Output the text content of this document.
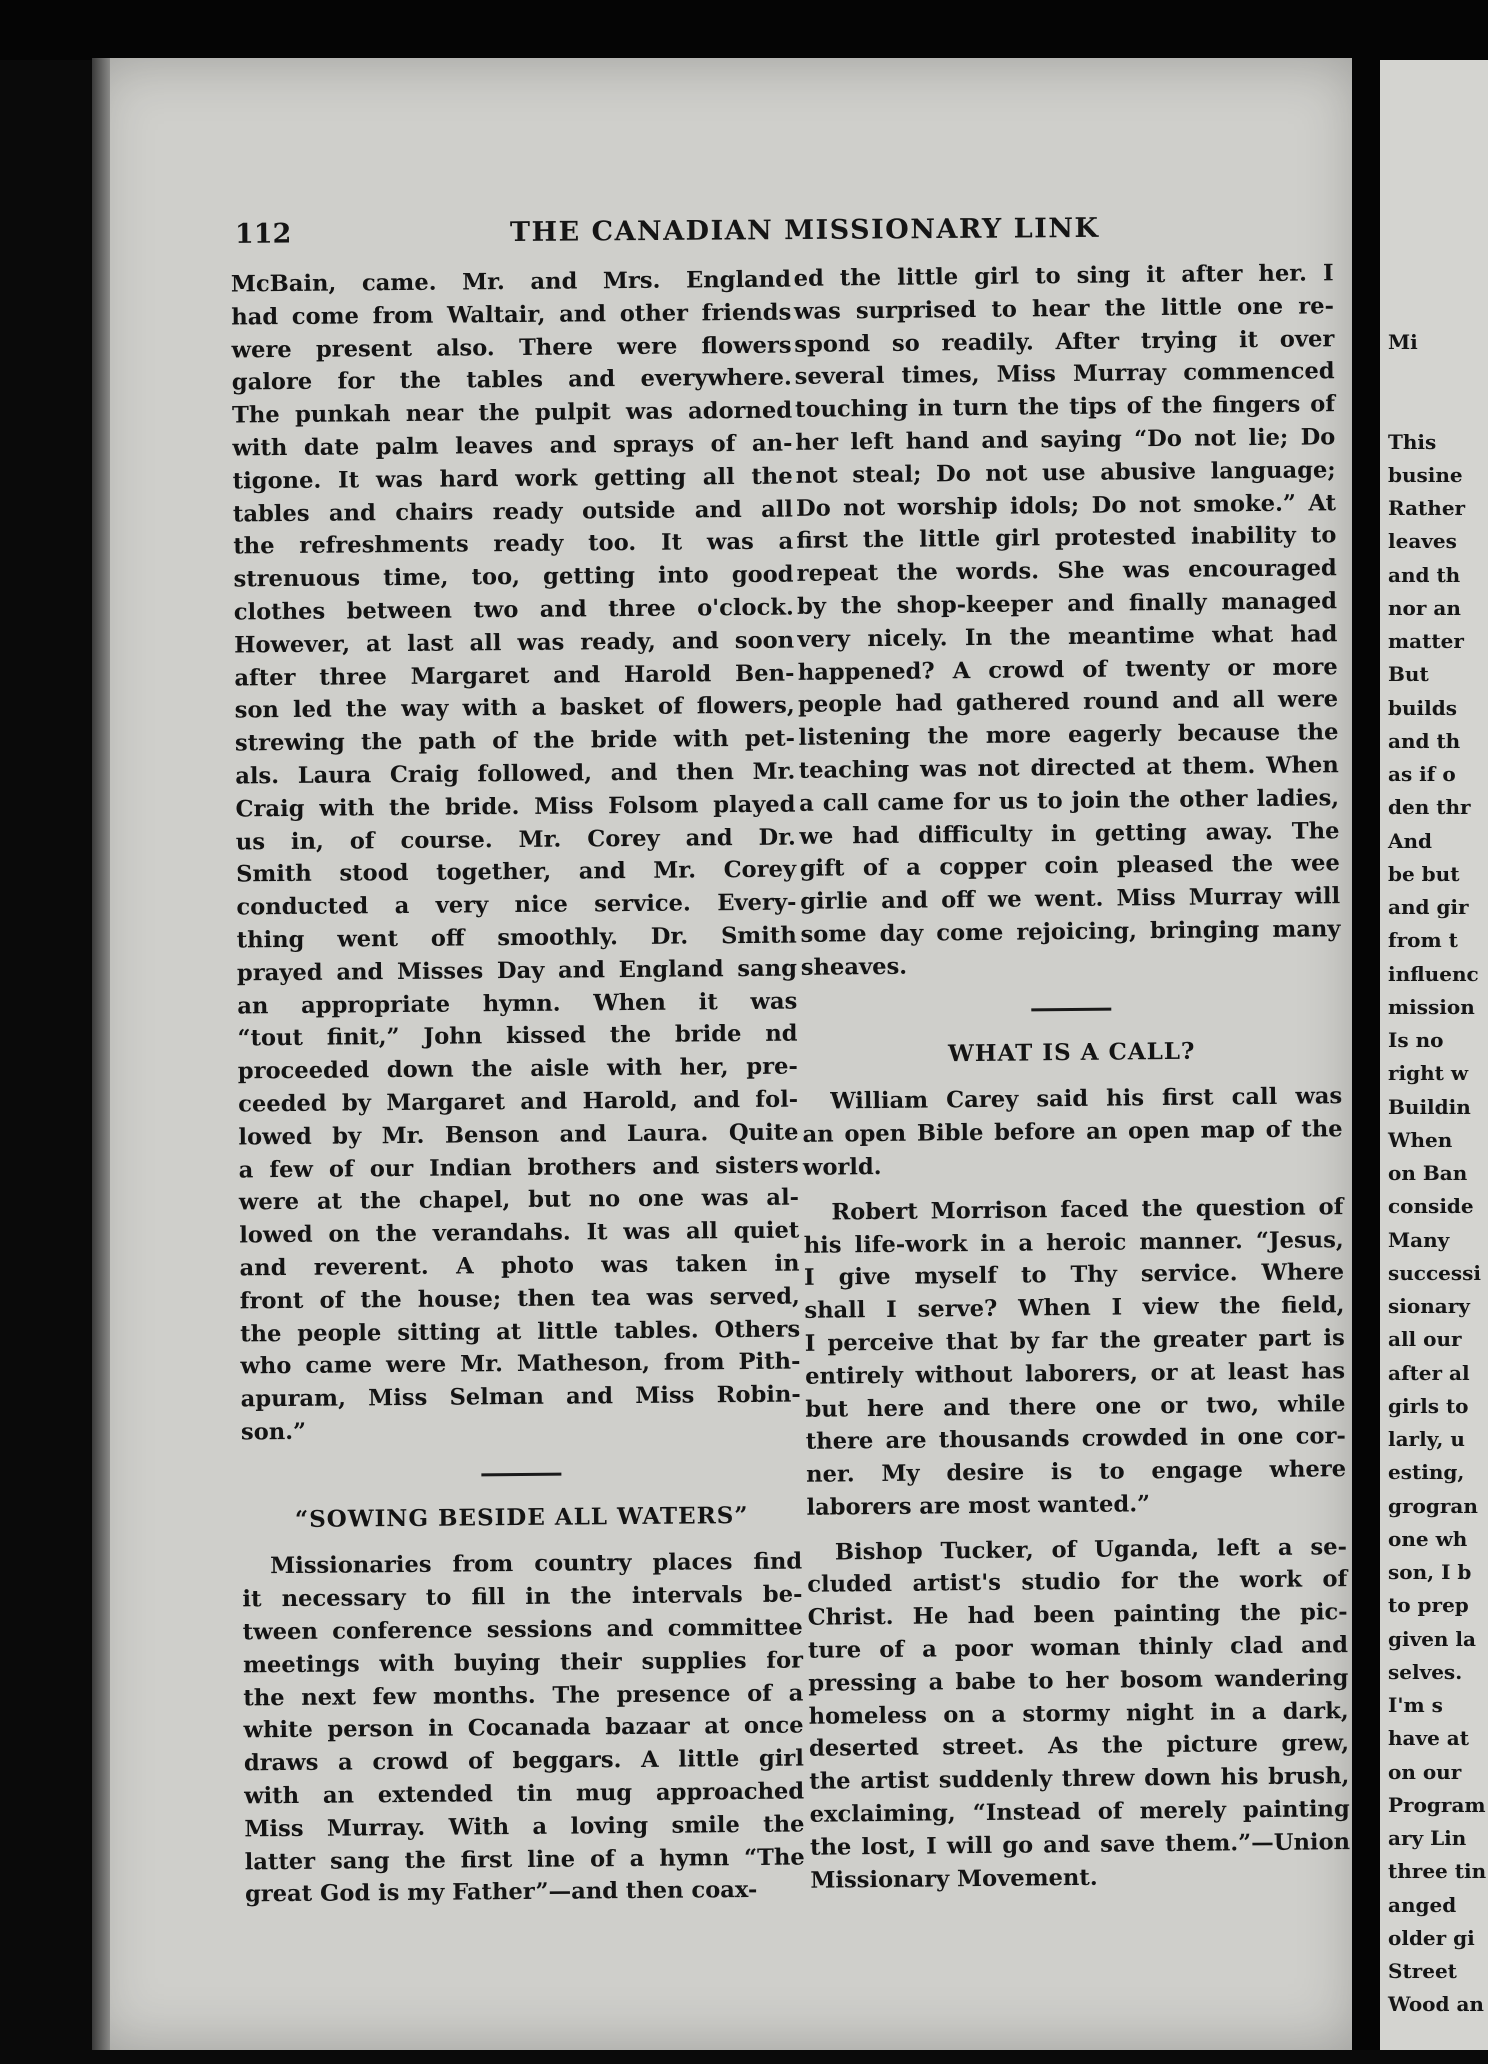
112	THE CANADIAN MISSIONARY LINK

McBain, came. Mr. and Mrs. England

had come from Waltair, and other friends

were present also. There were flowers

galore for the tables and everywhere.

The punkah near the pulpit was adorned

with date palm leaves and sprays of an-

tigone. It was hard work getting all the

tables and chairs ready outside and all

the refreshments ready too. It was a

strenuous time, too, getting into good

clothes between two and three o'clock.

However, at last all was ready, and soon

after three Margaret and Harold Ben-

son led the way with a basket of flowers,

strewing the path of the bride with pet-

als. Laura Craig followed, and then Mr.

Craig with the bride. Miss Folsom played

us in, of course. Mr. Corey and Dr.

Smith stood together, and Mr. Corey

conducted a very nice service. Every-

thing went off smoothly. Dr. Smith

prayed and Misses Day and England sang

an appropriate hymn. When it was

“tout finit,” John kissed the bride nd

proceeded down the aisle with her, pre-

ceeded by Margaret and Harold, and fol-

lowed by Mr. Benson and Laura. Quite

a few of our Indian brothers and sisters

were at the chapel, but no one was al-

lowed on the verandahs. It was all quiet

and reverent. A photo was taken in

front of the house; then tea was served,

the people sitting at little tables. Others

who came were Mr. Matheson, from Pith-

apuram, Miss Selman and Miss Robin-

son.”

“SOWING BESIDE ALL WATERS”

Missionaries from country places find

it necessary to fill in the intervals be-

tween conference sessions and committee

meetings with buying their supplies for

the next few months. The presence of a

white person in Cocanada bazaar at once

draws a crowd of beggars. A little girl

with an extended tin mug approached

Miss Murray. With a loving smile the

latter sang the first line of a hymn “The

great God is my Father”—and then coax-

ed the little girl to sing it after her. I

was surprised to hear the little one re-

spond so readily. After trying it over

several times, Miss Murray commenced

touching in turn the tips of the fingers of

her left hand and saying “Do not lie; Do

not steal; Do not use abusive language;

Do not worship idols; Do not smoke.” At

first the little girl protested inability to

repeat the words. She was encouraged

by the shop-keeper and finally managed

very nicely. In the meantime what had

happened? A crowd of twenty or more

people had gathered round and all were

listening the more eagerly because the

teaching was not directed at them. When

a call came for us to join the other ladies,

we had difficulty in getting away. The

gift of a copper coin pleased the wee

girlie and off we went. Miss Murray will

some day come rejoicing, bringing many

sheaves.

WHAT IS A CALL?

William Carey said his first call was

an open Bible before an open map of the

world.

Robert Morrison faced the question of

his life-work in a heroic manner. “Jesus,

I give myself to Thy service. Where

shall I serve? When I view the field,

I perceive that by far the greater part is

entirely without laborers, or at least has

but here and there one or two, while

there are thousands crowded in one cor-

ner. My desire is to engage where

laborers are most wanted.”

Bishop Tucker, of Uganda, left a se-

cluded artist's studio for the work of

Christ. He had been painting the pic-

ture of a poor woman thinly clad and

pressing a babe to her bosom wandering

homeless on a stormy night in a dark,

deserted street. As the picture grew,

the artist suddenly threw down his brush,

exclaiming, “Instead of merely painting

the lost, I will go and save them.”—Union

Missionary Movement.

Mi
This
busine
Rather
leaves
and th
nor an
matter
But
builds
and th
as if o
den thr
And
be but
and gir
from t
influenc
mission
Is no
right w
Buildin
When
on Ban
conside
Many
successi
sionary
all our
after al
girls to
larly, u
esting,
grogran
one wh
son, I b
to prep
given la
selves.
I'm s
have at
on our
Program
ary Lin
three tin
anged
older gi
Street
Wood an
